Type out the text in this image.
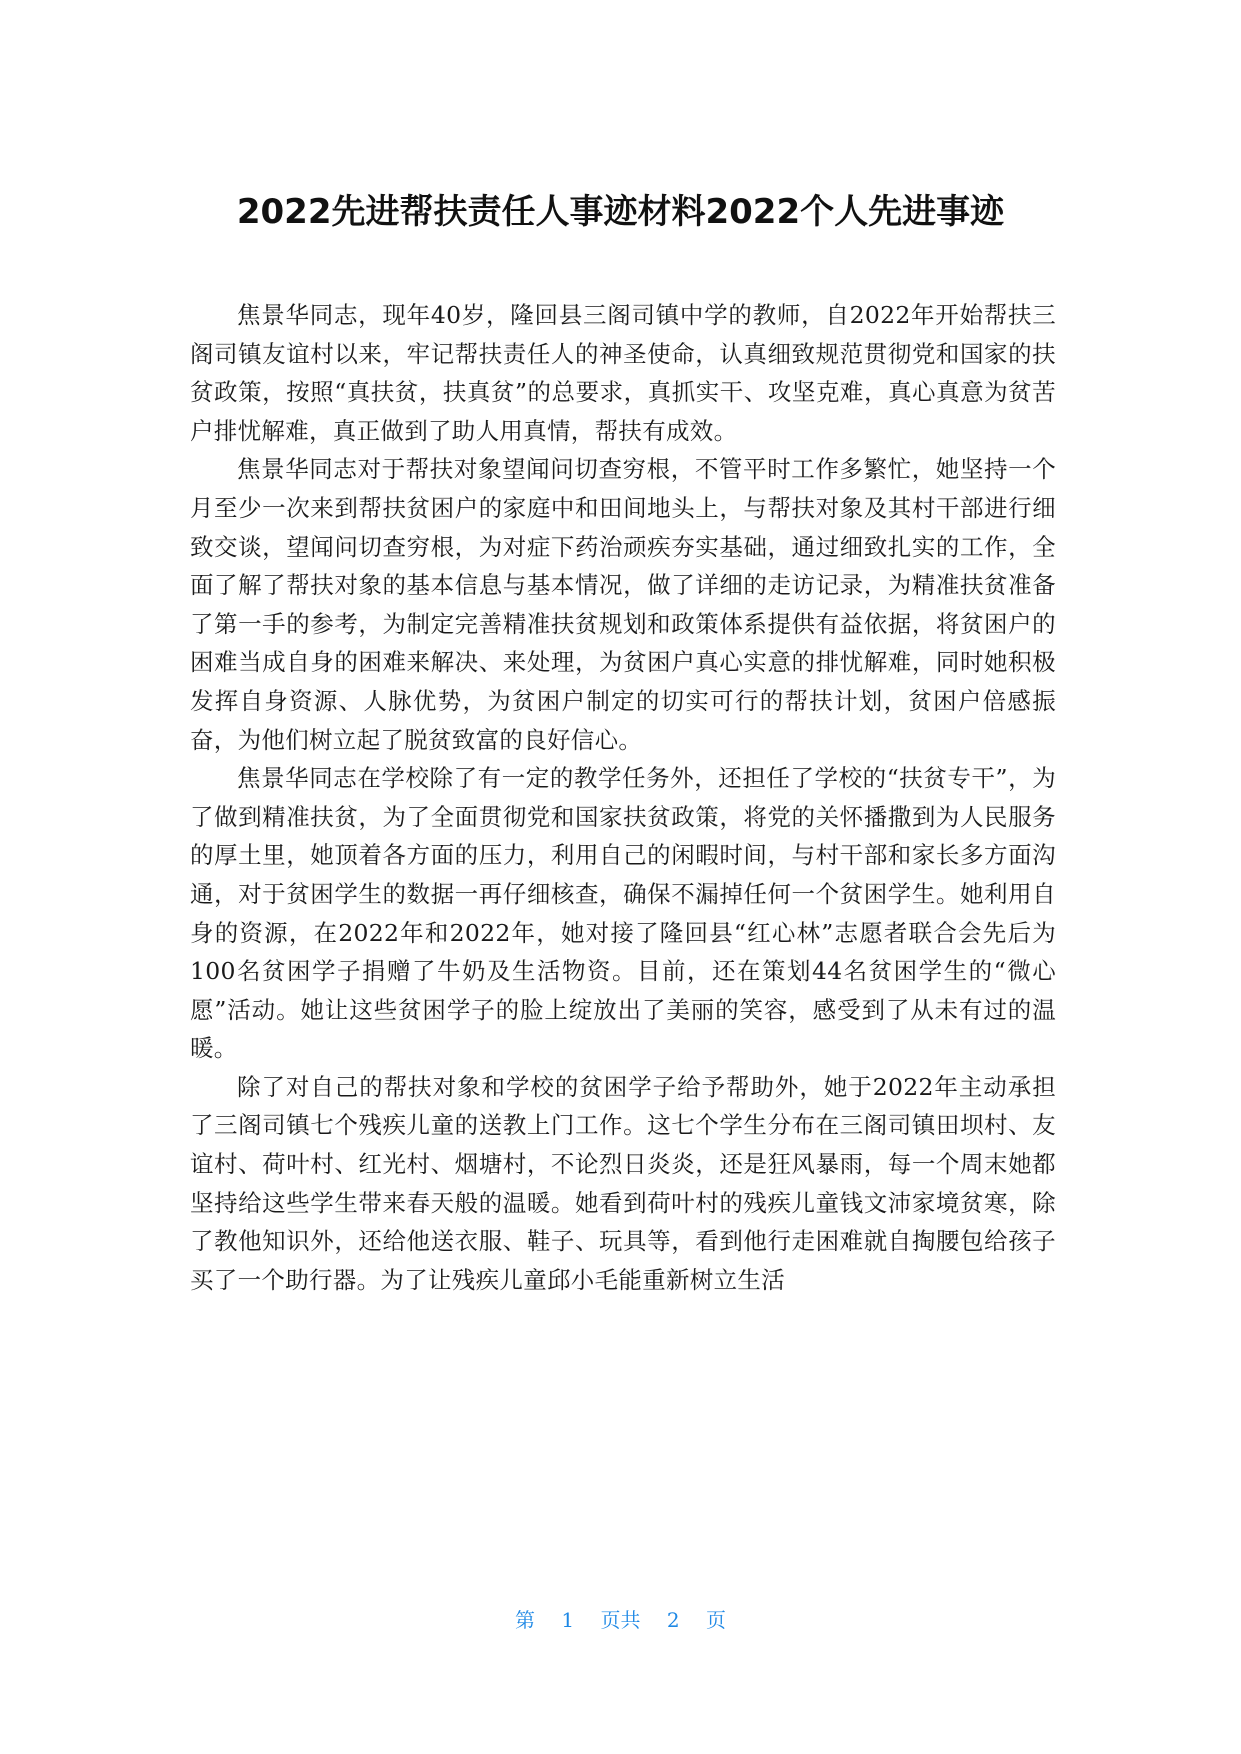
2022先进帮扶责任人事迹材料2022个人先进事迹

焦景华同志，现年40岁，隆回县三阁司镇中学的教师，自2022年开始帮扶三阁司镇友谊村以来，牢记帮扶责任人的神圣使命，认真细致规范贯彻党和国家的扶贫政策，按照“真扶贫，扶真贫”的总要求，真抓实干、攻坚克难，真心真意为贫苦户排忧解难，真正做到了助人用真情，帮扶有成效。

焦景华同志对于帮扶对象望闻问切查穷根，不管平时工作多繁忙，她坚持一个月至少一次来到帮扶贫困户的家庭中和田间地头上，与帮扶对象及其村干部进行细致交谈，望闻问切查穷根，为对症下药治顽疾夯实基础，通过细致扎实的工作，全面了解了帮扶对象的基本信息与基本情况，做了详细的走访记录，为精准扶贫准备了第一手的参考，为制定完善精准扶贫规划和政策体系提供有益依据，将贫困户的困难当成自身的困难来解决、来处理，为贫困户真心实意的排忧解难，同时她积极发挥自身资源、人脉优势，为贫困户制定的切实可行的帮扶计划，贫困户倍感振奋，为他们树立起了脱贫致富的良好信心。

焦景华同志在学校除了有一定的教学任务外，还担任了学校的“扶贫专干”，为了做到精准扶贫，为了全面贯彻党和国家扶贫政策，将党的关怀播撒到为人民服务的厚土里，她顶着各方面的压力，利用自己的闲暇时间，与村干部和家长多方面沟通，对于贫困学生的数据一再仔细核查，确保不漏掉任何一个贫困学生。她利用自身的资源，在2022年和2022年，她对接了隆回县“红心林”志愿者联合会先后为100名贫困学子捐赠了牛奶及生活物资。目前，还在策划44名贫困学生的“微心愿”活动。她让这些贫困学子的脸上绽放出了美丽的笑容，感受到了从未有过的温暖。

除了对自己的帮扶对象和学校的贫困学子给予帮助外，她于2022年主动承担了三阁司镇七个残疾儿童的送教上门工作。这七个学生分布在三阁司镇田坝村、友谊村、荷叶村、红光村、烟塘村，不论烈日炎炎，还是狂风暴雨，每一个周末她都坚持给这些学生带来春天般的温暖。她看到荷叶村的残疾儿童钱文沛家境贫寒，除了教他知识外，还给他送衣服、鞋子、玩具等，看到他行走困难就自掏腰包给孩子买了一个助行器。为了让残疾儿童邱小毛能重新树立生活

第 1 页共 2 页
